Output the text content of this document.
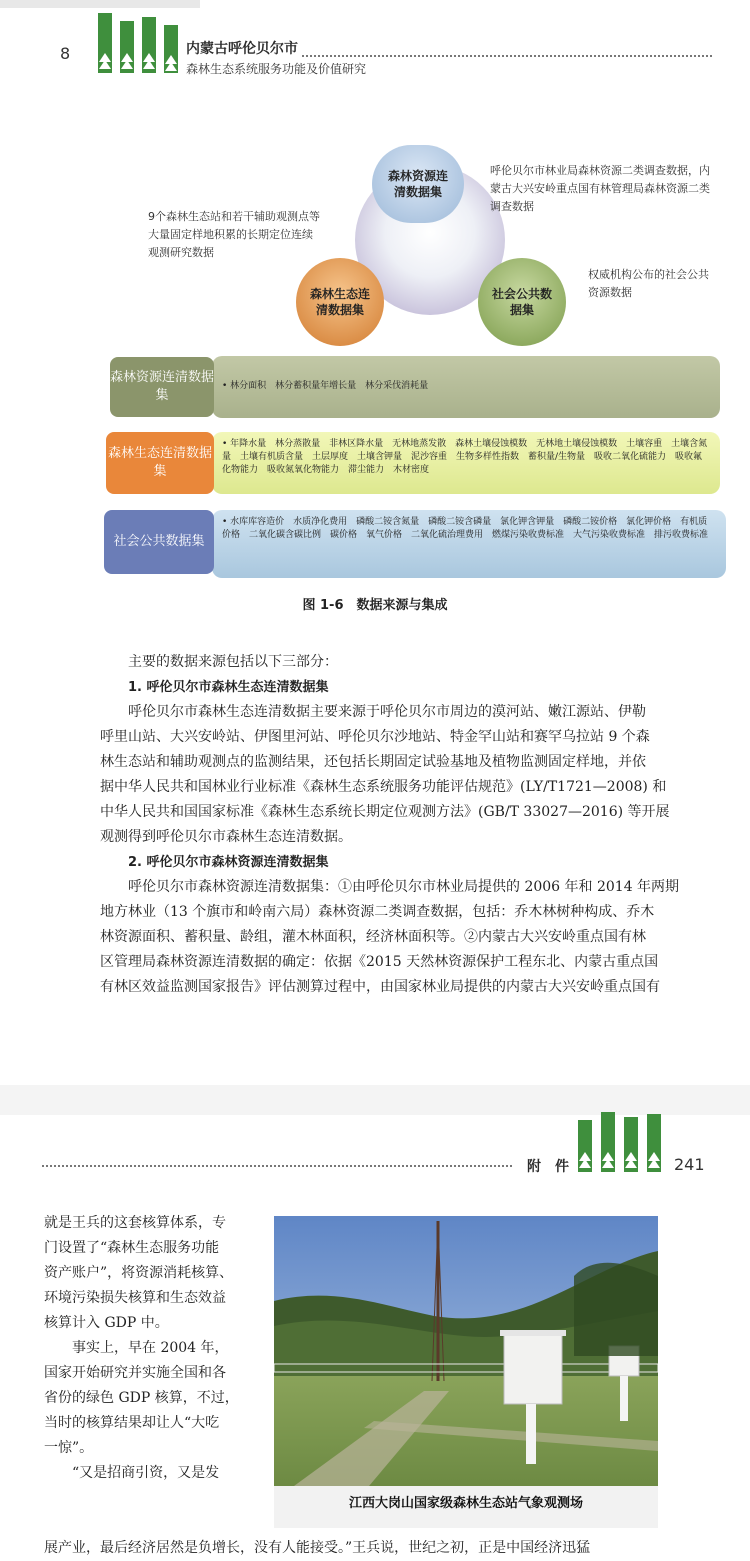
8	内蒙古呼伦贝尔市
森林生态系统服务功能及价值研究
森林资源连清数据集
森林生态连清数据集
社会公共数据集
呼伦贝尔市林业局森林资源二类调查数据，内蒙古大兴安岭重点国有林管理局森林资源二类调查数据
9个森林生态站和若干辅助观测点等大量固定样地积累的长期定位连续观测研究数据
权威机构公布的社会公共资源数据
• 林分面积　林分蓄积量年增长量　林分采伐消耗量
森林资源连清数据集
• 年降水量　林分蒸散量　非林区降水量　无林地蒸发散　森林土壤侵蚀模数　无林地土壤侵蚀模数　土壤容重　土壤含氮量　土壤有机质含量　土层厚度　土壤含钾量　泥沙容重　生物多样性指数　蓄积量/生物量　吸收二氧化硫能力　吸收氟化物能力　吸收氮氧化物能力　滞尘能力　木材密度
森林生态连清数据集
• 水库库容造价　水质净化费用　磷酸二铵含氮量　磷酸二铵含磷量　氯化钾含钾量　磷酸二铵价格　氯化钾价格　有机质价格　二氧化碳含碳比例　碳价格　氧气价格　二氧化硫治理费用　燃煤污染收费标准　大气污染收费标准　排污收费标准
社会公共数据集
图 1-6　数据来源与集成

主要的数据来源包括以下三部分：

1. 呼伦贝尔市森林生态连清数据集

呼伦贝尔市森林生态连清数据主要来源于呼伦贝尔市周边的漠河站、嫩江源站、伊勒

呼里山站、大兴安岭站、伊图里河站、呼伦贝尔沙地站、特金罕山站和赛罕乌拉站 9 个森

林生态站和辅助观测点的监测结果，还包括长期固定试验基地及植物监测固定样地，并依

据中华人民共和国林业行业标准《森林生态系统服务功能评估规范》(LY/T1721—2008) 和

中华人民共和国国家标准《森林生态系统长期定位观测方法》(GB/T 33027—2016) 等开展

观测得到呼伦贝尔市森林生态连清数据。

2. 呼伦贝尔市森林资源连清数据集

呼伦贝尔市森林资源连清数据集：①由呼伦贝尔市林业局提供的 2006 年和 2014 年两期

地方林业（13 个旗市和岭南六局）森林资源二类调查数据，包括：乔木林树种构成、乔木

林资源面积、蓄积量、龄组，灌木林面积，经济林面积等。②内蒙古大兴安岭重点国有林

区管理局森林资源连清数据的确定：依据《2015 天然林资源保护工程东北、内蒙古重点国

有林区效益监测国家报告》评估测算过程中，由国家林业局提供的内蒙古大兴安岭重点国有

附　件	241

就是王兵的这套核算体系，专

门设置了“森林生态服务功能

资产账户”，将资源消耗核算、

环境污染损失核算和生态效益

核算计入 GDP 中。

事实上，早在 2004 年，

国家开始研究并实施全国和各

省份的绿色 GDP 核算，不过，

当时的核算结果却让人“大吃

一惊”。

“又是招商引资，又是发

展产业，最后经济居然是负增长，没有人能接受。”王兵说，世纪之初，正是中国经济迅猛
江西大岗山国家级森林生态站气象观测场
